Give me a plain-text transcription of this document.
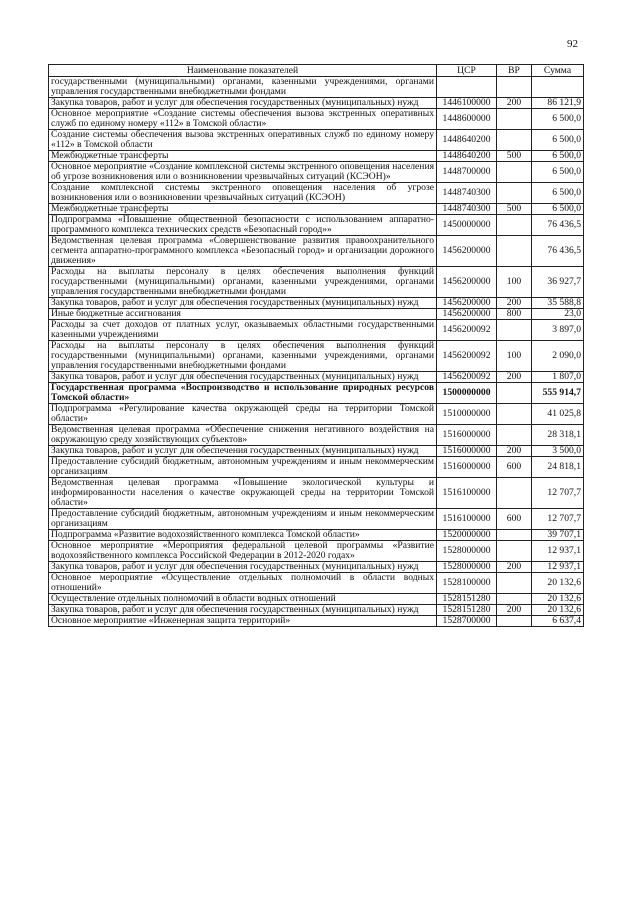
92
Наименование показателей	ЦСР	ВР	Сумма
государственными (муниципальными) органами, казенными учреждениями, органами управления государственными внебюджетными фондами			
Закупка товаров, работ и услуг для обеспечения государственных (муниципальных) нужд	1446100000	200	86 121,9
Основное мероприятие «Создание системы обеспечения вызова экстренных оперативных служб по единому номеру «112» в Томской области»	1448600000		6 500,0
Создание системы обеспечения вызова экстренных оперативных служб по единому номеру «112» в Томской области	1448640200		6 500,0
Межбюджетные трансферты	1448640200	500	6 500,0
Основное мероприятие «Создание комплексной системы экстренного оповещения населения об угрозе возникновения или о возникновении чрезвычайных ситуаций (КСЭОН)»	1448700000		6 500,0
Создание комплексной системы экстренного оповещения населения об угрозе возникновения или о возникновении чрезвычайных ситуаций (КСЭОН)	1448740300		6 500,0
Межбюджетные трансферты	1448740300	500	6 500,0
Подпрограмма «Повышение общественной безопасности с использованием аппаратно-программного комплекса технических средств «Безопасный город»»	1450000000		76 436,5
Ведомственная целевая программа «Совершенствование развития правоохранительного сегмента аппаратно-программного комплекса «Безопасный город» и организации дорожного движения»	1456200000		76 436,5
Расходы на выплаты персоналу в целях обеспечения выполнения функций государственными (муниципальными) органами, казенными учреждениями, органами управления государственными внебюджетными фондами	1456200000	100	36 927,7
Закупка товаров, работ и услуг для обеспечения государственных (муниципальных) нужд	1456200000	200	35 588,8
Иные бюджетные ассигнования	1456200000	800	23,0
Расходы за счет доходов от платных услуг, оказываемых областными государственными казенными учреждениями	1456200092		3 897,0
Расходы на выплаты персоналу в целях обеспечения выполнения функций государственными (муниципальными) органами, казенными учреждениями, органами управления государственными внебюджетными фондами	1456200092	100	2 090,0
Закупка товаров, работ и услуг для обеспечения государственных (муниципальных) нужд	1456200092	200	1 807,0
Государственная программа «Воспроизводство и использование природных ресурсов Томской области»	1500000000		555 914,7
Подпрограмма «Регулирование качества окружающей среды на территории Томской области»	1510000000		41 025,8
Ведомственная целевая программа «Обеспечение снижения негативного воздействия на окружающую среду хозяйствующих субъектов»	1516000000		28 318,1
Закупка товаров, работ и услуг для обеспечения государственных (муниципальных) нужд	1516000000	200	3 500,0
Предоставление субсидий бюджетным, автономным учреждениям и иным некоммерческим организациям	1516000000	600	24 818,1
Ведомственная целевая программа «Повышение экологической культуры и информированности населения о качестве окружающей среды на территории Томской области»	1516100000		12 707,7
Предоставление субсидий бюджетным, автономным учреждениям и иным некоммерческим организациям	1516100000	600	12 707,7
Подпрограмма «Развитие водохозяйственного комплекса Томской области»	1520000000		39 707,1
Основное мероприятие «Мероприятия федеральной целевой программы «Развитие водохозяйственного комплекса Российской Федерации в 2012-2020 годах»	1528000000		12 937,1
Закупка товаров, работ и услуг для обеспечения государственных (муниципальных) нужд	1528000000	200	12 937,1
Основное мероприятие «Осуществление отдельных полномочий в области водных отношений»	1528100000		20 132,6
Осуществление отдельных полномочий в области водных отношений	1528151280		20 132,6
Закупка товаров, работ и услуг для обеспечения государственных (муниципальных) нужд	1528151280	200	20 132,6
Основное мероприятие «Инженерная защита территорий»	1528700000		6 637,4
